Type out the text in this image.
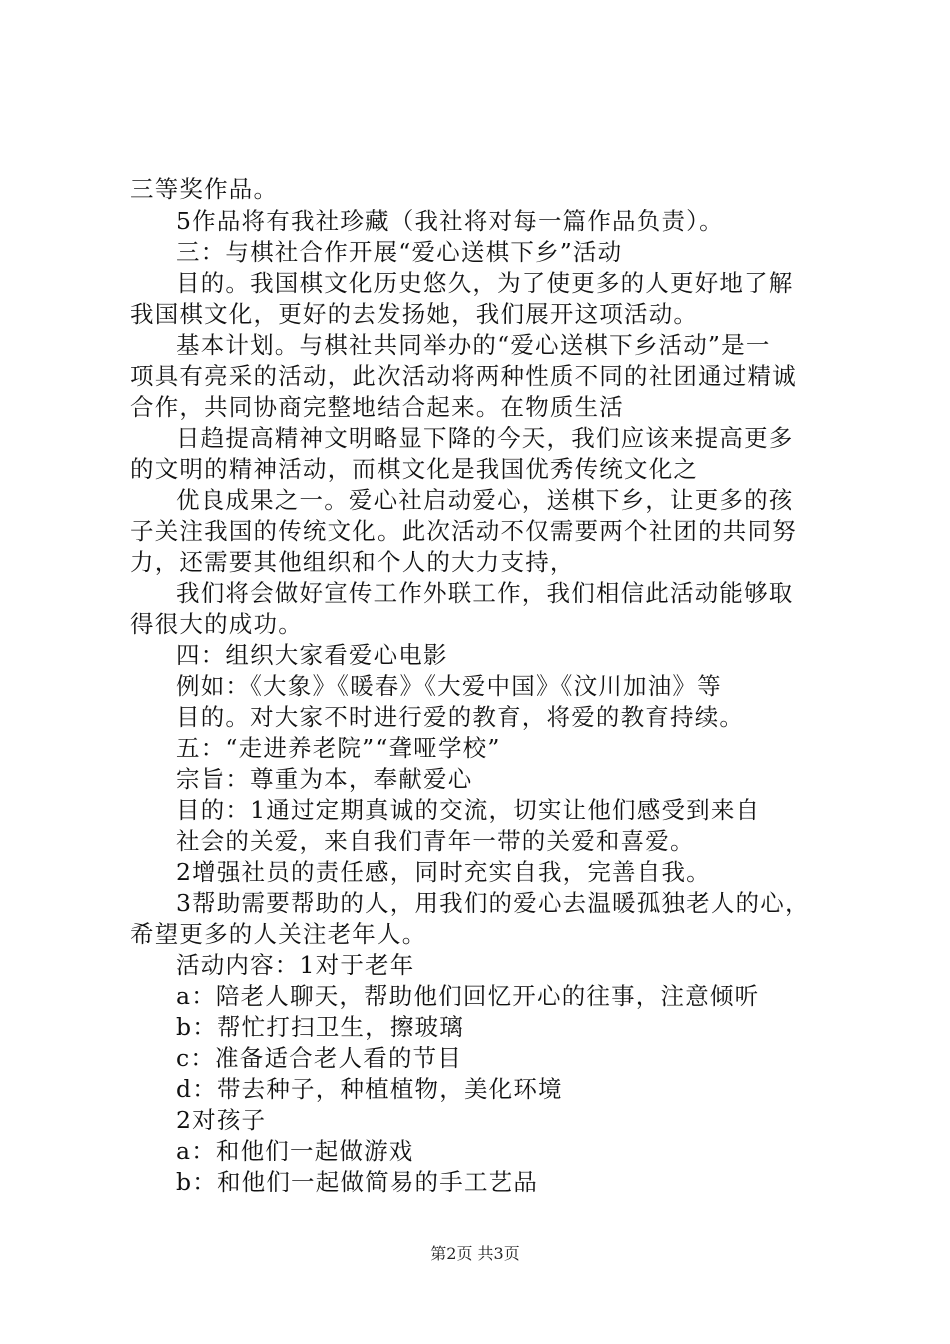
三等奖作品。
5作品将有我社珍藏（我社将对每一篇作品负责）。
三：与棋社合作开展“爱心送棋下乡”活动
目的。我国棋文化历史悠久，为了使更多的人更好地了解
我国棋文化，更好的去发扬她，我们展开这项活动。
基本计划。与棋社共同举办的“爱心送棋下乡活动”是一
项具有亮采的活动，此次活动将两种性质不同的社团通过精诚
合作，共同协商完整地结合起来。在物质生活
日趋提高精神文明略显下降的今天，我们应该来提高更多
的文明的精神活动，而棋文化是我国优秀传统文化之
优良成果之一。爱心社启动爱心，送棋下乡，让更多的孩
子关注我国的传统文化。此次活动不仅需要两个社团的共同努
力，还需要其他组织和个人的大力支持，
我们将会做好宣传工作外联工作，我们相信此活动能够取
得很大的成功。
四：组织大家看爱心电影
例如：《大象》《暖春》《大爱中国》《汶川加油》等
目的。对大家不时进行爱的教育，将爱的教育持续。
五：“走进养老院”“聋哑学校”
宗旨：尊重为本，奉献爱心
目的：1通过定期真诚的交流，切实让他们感受到来自
社会的关爱，来自我们青年一带的关爱和喜爱。
2增强社员的责任感，同时充实自我，完善自我。
3帮助需要帮助的人，用我们的爱心去温暖孤独老人的心，
希望更多的人关注老年人。
活动内容：1对于老年
a：陪老人聊天，帮助他们回忆开心的往事，注意倾听
b：帮忙打扫卫生，擦玻璃
c：准备适合老人看的节目
d：带去种子，种植植物，美化环境
2对孩子
a：和他们一起做游戏
b：和他们一起做简易的手工艺品
第2页 共3页
